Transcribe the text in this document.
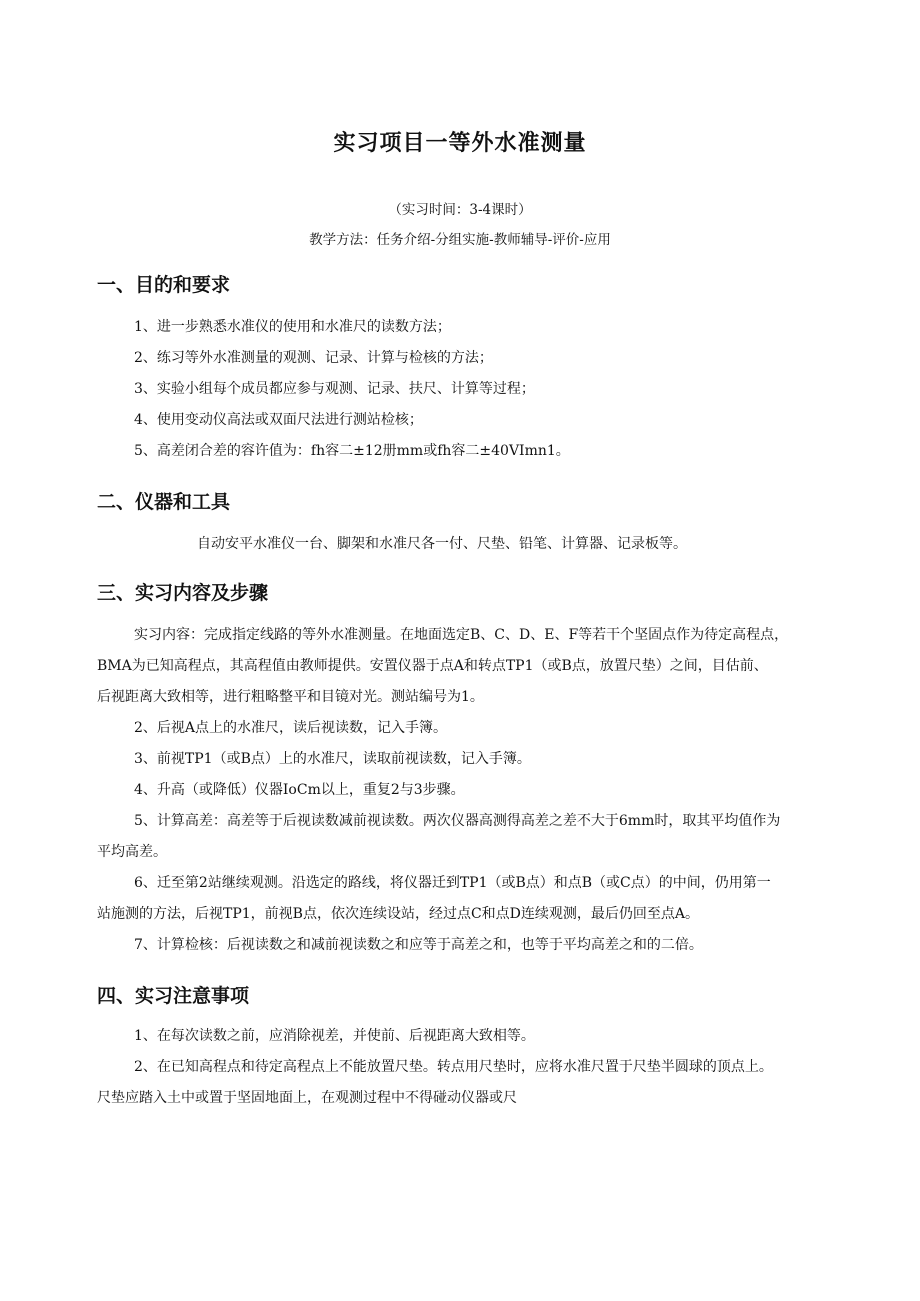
实习项目一等外水准测量
（实习时间：3-4课时）
教学方法：任务介绍-分组实施-教师辅导-评价-应用
一、目的和要求
1、进一步熟悉水准仪的使用和水准尺的读数方法；
2、练习等外水准测量的观测、记录、计算与检核的方法；
3、实验小组每个成员都应参与观测、记录、扶尺、计算等过程；
4、使用变动仪高法或双面尺法进行测站检核；
5、高差闭合差的容许值为：fh容二±12册mm或fh容二±40VImn1。
二、仪器和工具
自动安平水准仪一台、脚架和水准尺各一付、尺垫、铅笔、计算器、记录板等。
三、实习内容及步骤
实习内容：完成指定线路的等外水准测量。在地面选定B、C、D、E、F等若干个坚固点作为待定高程点，
BMA为已知高程点，其高程值由教师提供。安置仪器于点A和转点TP1（或B点，放置尺垫）之间，目估前、
后视距离大致相等，进行粗略整平和目镜对光。测站编号为1。
2、后视A点上的水准尺，读后视读数，记入手簿。
3、前视TP1（或B点）上的水准尺，读取前视读数，记入手簿。
4、升高（或降低）仪器IoCm以上，重复2与3步骤。
5、计算高差：高差等于后视读数减前视读数。两次仪器高测得高差之差不大于6mm时，取其平均值作为
平均高差。
6、迁至第2站继续观测。沿选定的路线，将仪器迁到TP1（或B点）和点B（或C点）的中间，仍用第一
站施测的方法，后视TP1，前视B点，依次连续设站，经过点C和点D连续观测，最后仍回至点A。
7、计算检核：后视读数之和减前视读数之和应等于高差之和，也等于平均高差之和的二倍。
四、实习注意事项
1、在每次读数之前，应消除视差，并使前、后视距离大致相等。
2、在已知高程点和待定高程点上不能放置尺垫。转点用尺垫时，应将水准尺置于尺垫半圆球的顶点上。
尺垫应踏入土中或置于坚固地面上，在观测过程中不得碰动仪器或尺
